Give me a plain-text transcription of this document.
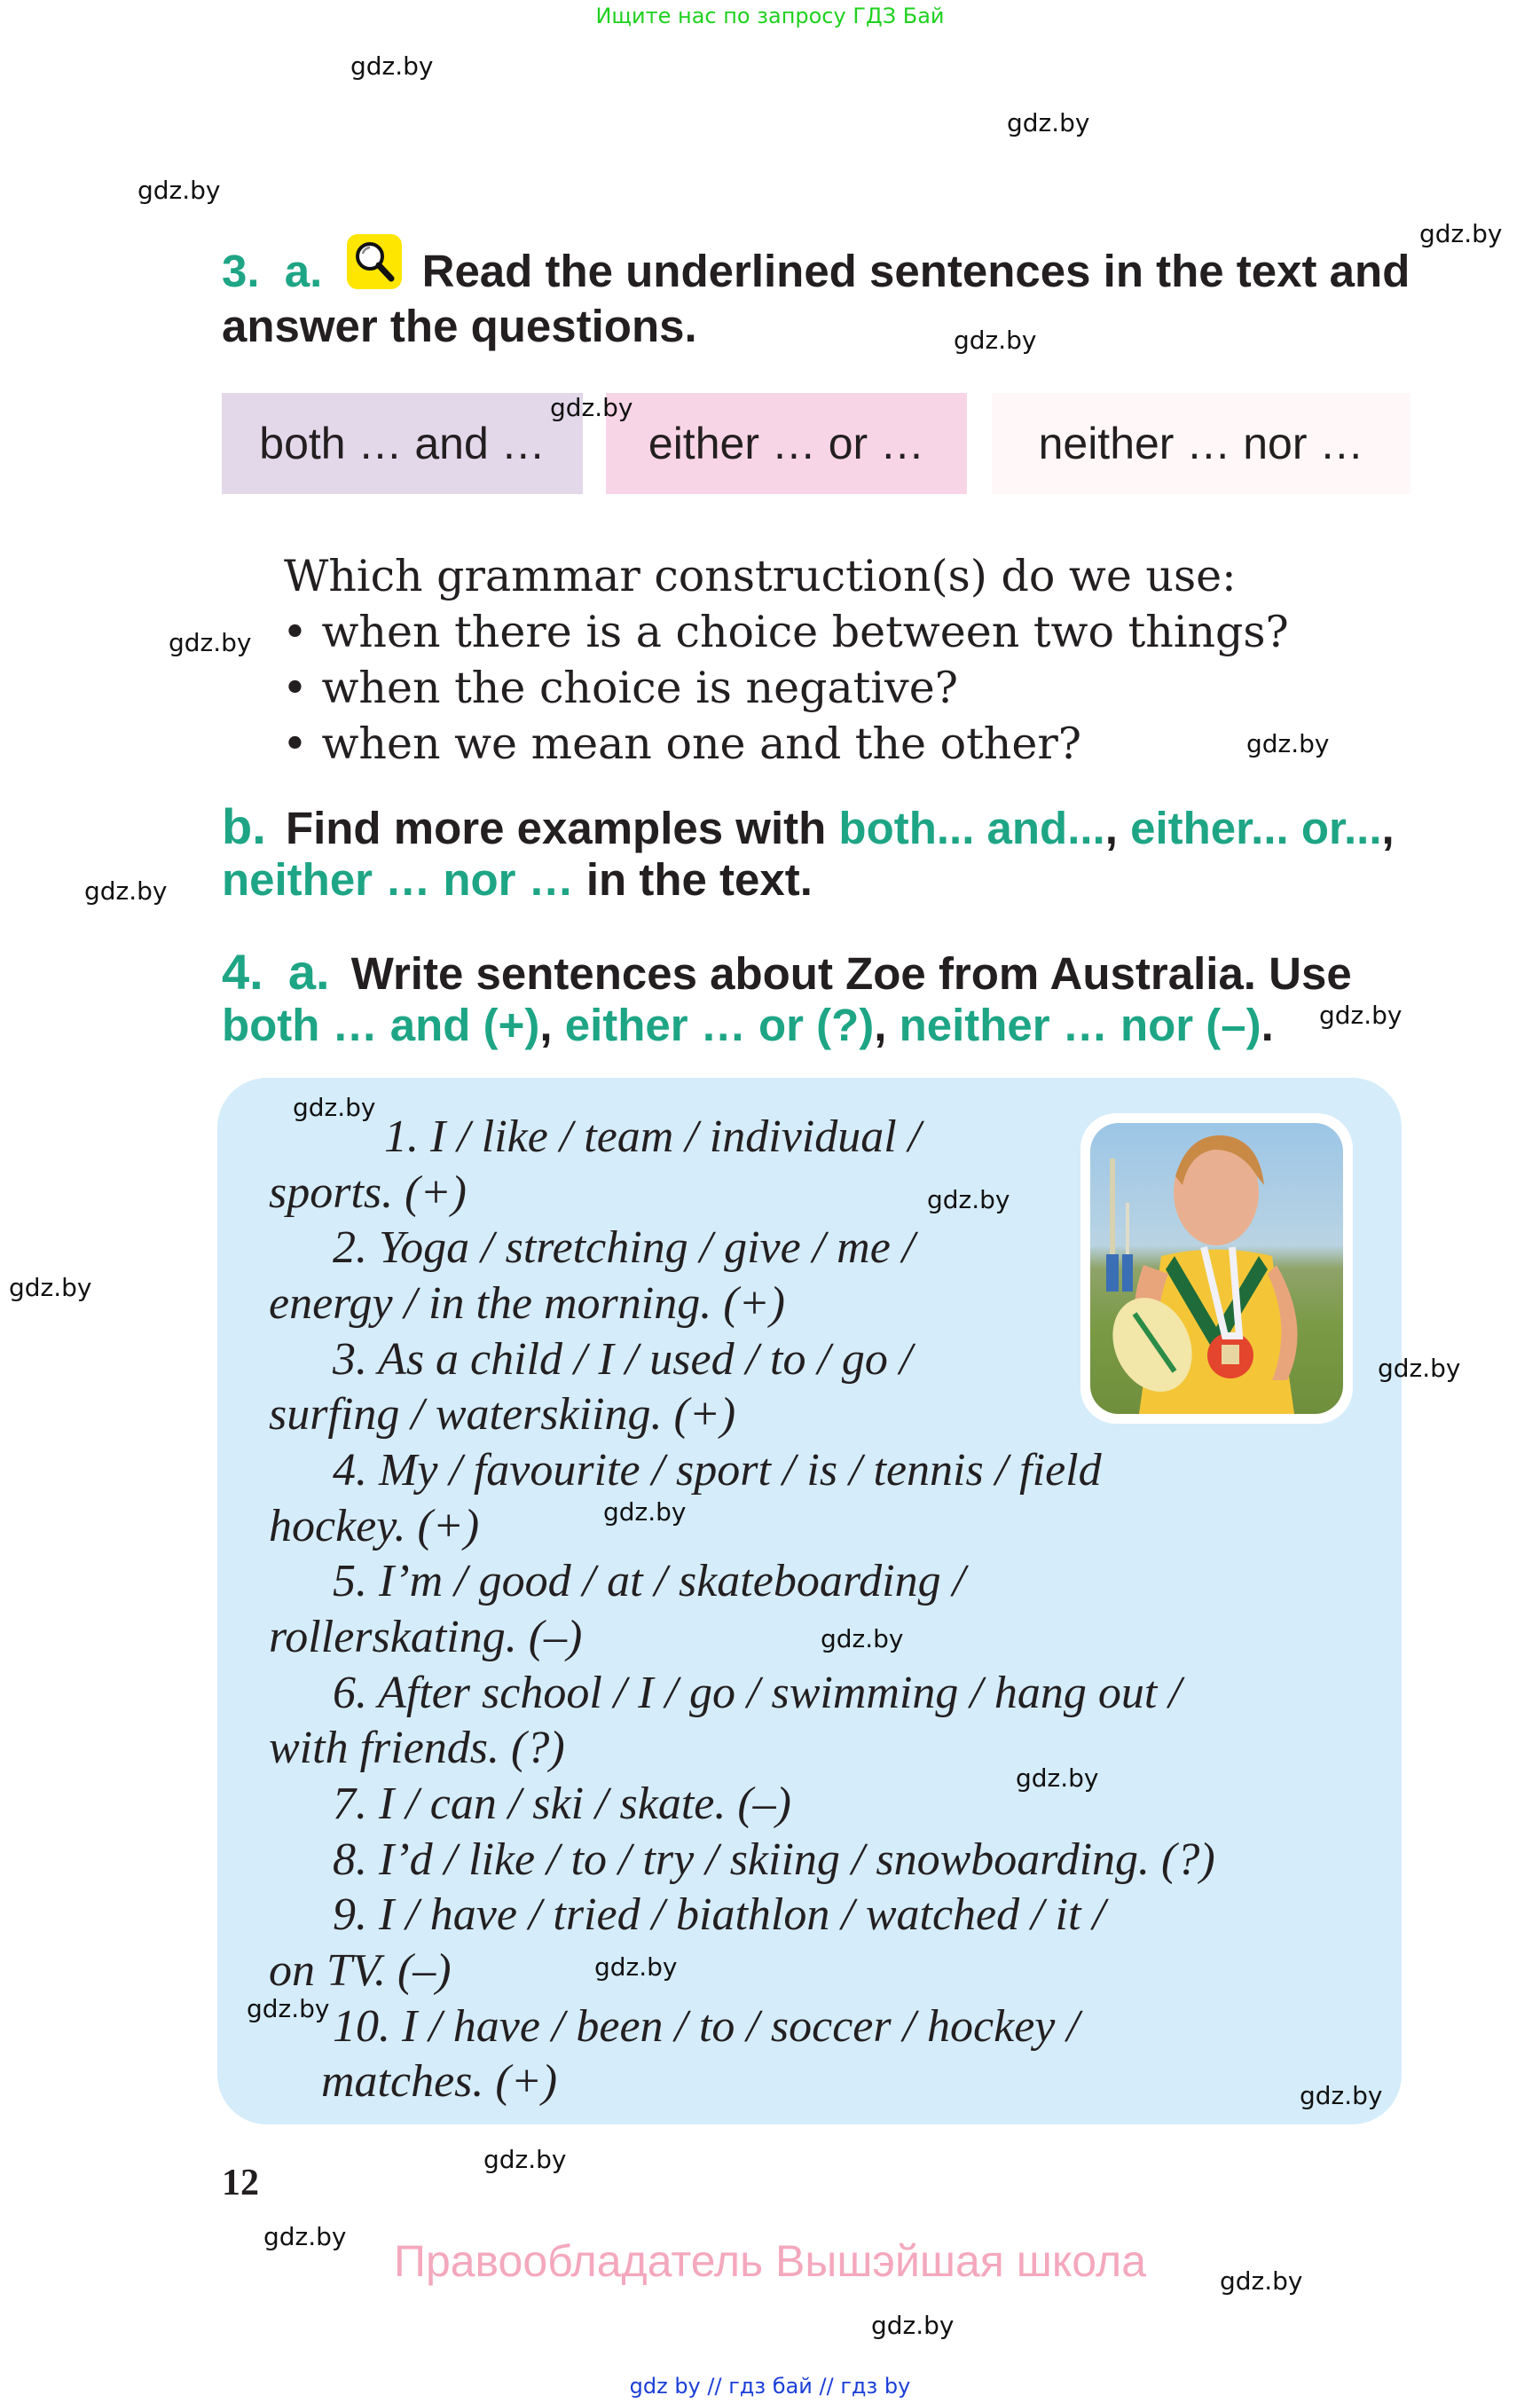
Ищите нас по запросу ГДЗ Бай
3. a. Read the underlined sentences in the text and
answer the questions.
both … and …	either … or …	neither … nor …
Which grammar construction(s) do we use:
• when there is a choice between two things?
• when the choice is negative?
• when we mean one and the other?
b. Find more examples with both... and..., either... or...,
neither … nor … in the text.
4. a. Write sentences about Zoe from Australia. Use
both … and (+), either … or (?), neither … nor (–).
1. I / like / team / individual /
sports. (+)
2. Yoga / stretching / give / me /
energy / in the morning. (+)
3. As a child / I / used / to / go /
surfing / waterskiing. (+)
4. My / favourite / sport / is / tennis / field
hockey. (+)
5. I’m / good / at / skateboarding /
rollerskating. (–)
6. After school / I / go / swimming / hang out /
with friends. (?)
7. I / can / ski / skate. (–)
8. I’d / like / to / try / skiing / snowboarding. (?)
9. I / have / tried / biathlon / watched / it /
on TV. (–)
10. I / have / been / to / soccer / hockey /
matches. (+)
12
Правообладатель Вышэйшая школа
gdz by // гдз бай // гдз by
gdz.by
gdz.by
gdz.by
gdz.by
gdz.by
gdz.by
gdz.by
gdz.by
gdz.by
gdz.by
gdz.by
gdz.by
gdz.by
gdz.by
gdz.by
gdz.by
gdz.by
gdz.by
gdz.by
gdz.by
gdz.by
gdz.by
gdz.by
gdz.by
